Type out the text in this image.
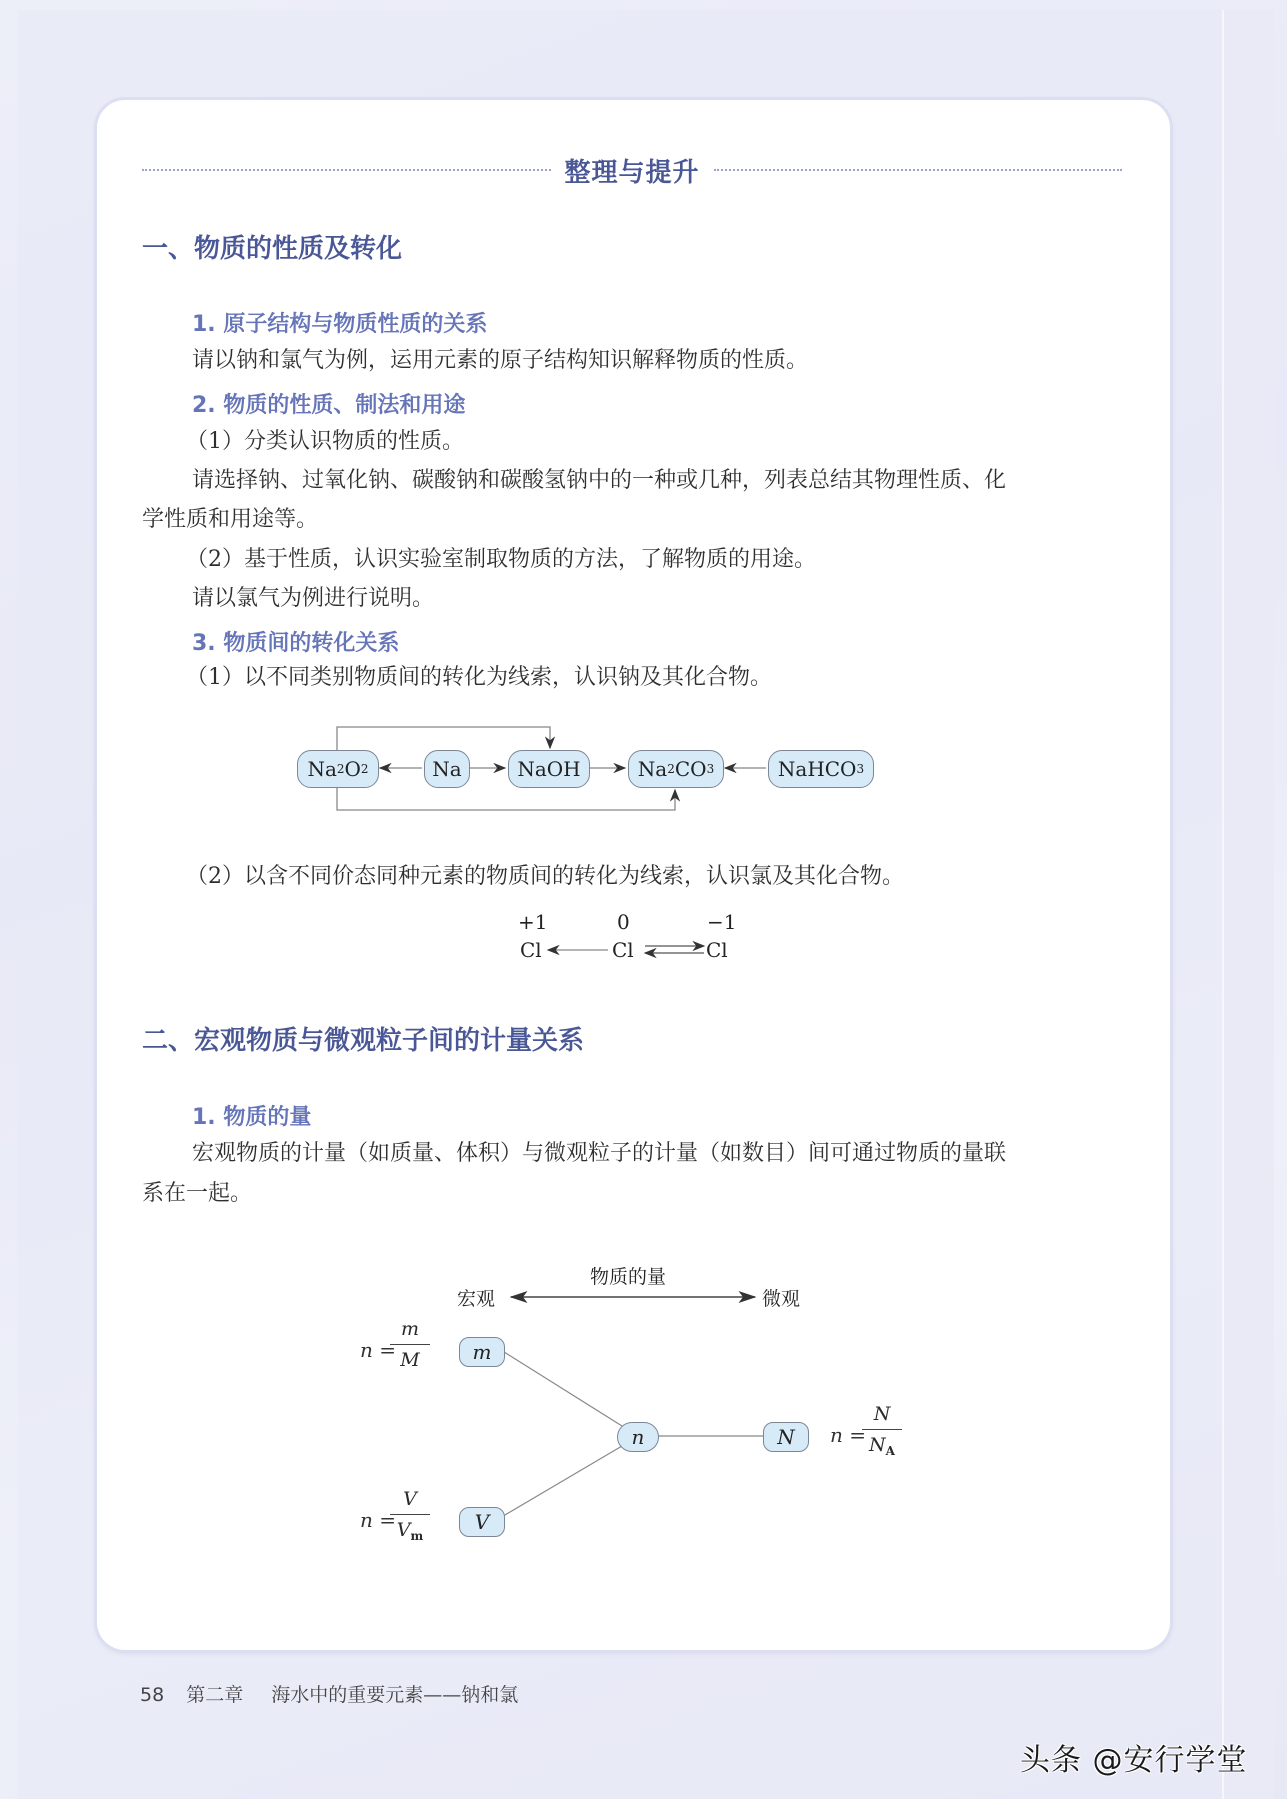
整理与提升
一、物质的性质及转化
1. 原子结构与物质性质的关系
请以钠和氯气为例，运用元素的原子结构知识解释物质的性质。
2. 物质的性质、制法和用途
（1）分类认识物质的性质。
请选择钠、过氧化钠、碳酸钠和碳酸氢钠中的一种或几种，列表总结其物理性质、化
学性质和用途等。
（2）基于性质，认识实验室制取物质的方法，了解物质的用途。
请以氯气为例进行说明。
3. 物质间的转化关系
（1）以不同类别物质间的转化为线索，认识钠及其化合物。
Na 2 O 2	Na	NaOH	Na 2 CO 3	NaHCO 3
（2）以含不同价态同种元素的物质间的转化为线索，认识氯及其化合物。
+1	0	−1
Cl	Cl	Cl
二、宏观物质与微观粒子间的计量关系
1. 物质的量
宏观物质的计量（如质量、体积）与微观粒子的计量（如数目）间可通过物质的量联
系在一起。
物质的量
宏观	微观
m
V
n	N
n =
m
M
n =
V
$V_m$
n =
N
$N_A$
58 第二章 海水中的重要元素——钠和氯
头条 @安行学堂
